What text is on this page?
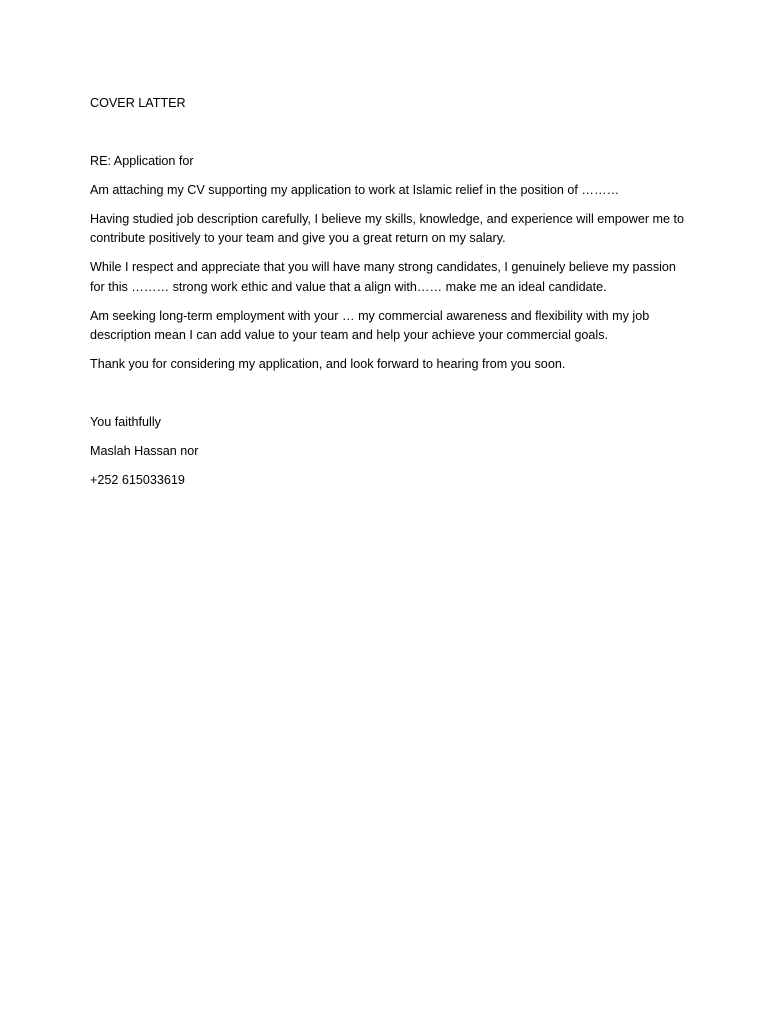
COVER LATTER

RE: Application for

Am attaching my CV supporting my application to work at Islamic relief in the position of ………

Having studied job description carefully, I believe my skills, knowledge, and experience will empower me to contribute positively to your team and give you a great return on my salary.

While I respect and appreciate that you will have many strong candidates, I genuinely believe my passion for this ……… strong work ethic and value that a align with…… make me an ideal candidate.

Am seeking long-term employment with your … my commercial awareness and flexibility with my job description mean I can add value to your team and help your achieve your commercial goals.

Thank you for considering my application, and look forward to hearing from you soon.

You faithfully

Maslah Hassan nor

+252 615033619
